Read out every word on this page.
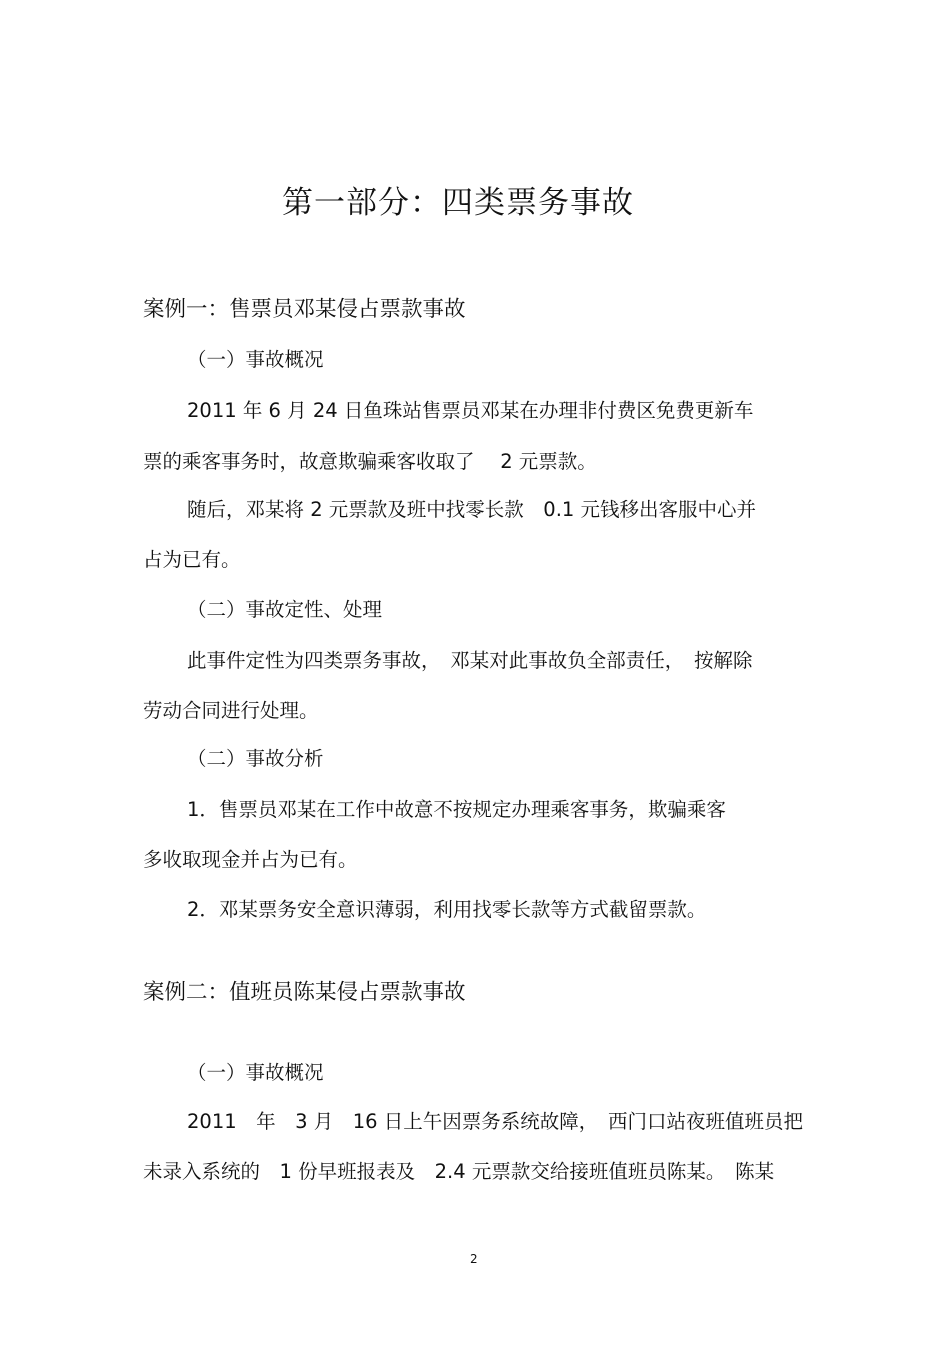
第一部分：四类票务事故
案例一：售票员邓某侵占票款事故
（一）事故概况
2011 年 6 月 24 日鱼珠站售票员邓某在办理非付费区免费更新车
票的乘客事务时，故意欺骗乘客收取了　 2 元票款。
随后，邓某将 2 元票款及班中找零长款　0.1 元钱移出客服中心并
占为已有。
（二）事故定性、处理
此事件定性为四类票务事故，　邓某对此事故负全部责任，　按解除
劳动合同进行处理。
（二）事故分析
1．售票员邓某在工作中故意不按规定办理乘客事务，欺骗乘客
多收取现金并占为已有。
2．邓某票务安全意识薄弱，利用找零长款等方式截留票款。
案例二：值班员陈某侵占票款事故
（一）事故概况
2011　年　3 月　16 日上午因票务系统故障，　西门口站夜班值班员把
未录入系统的　1 份早班报表及　2.4 元票款交给接班值班员陈某。　陈某
2
